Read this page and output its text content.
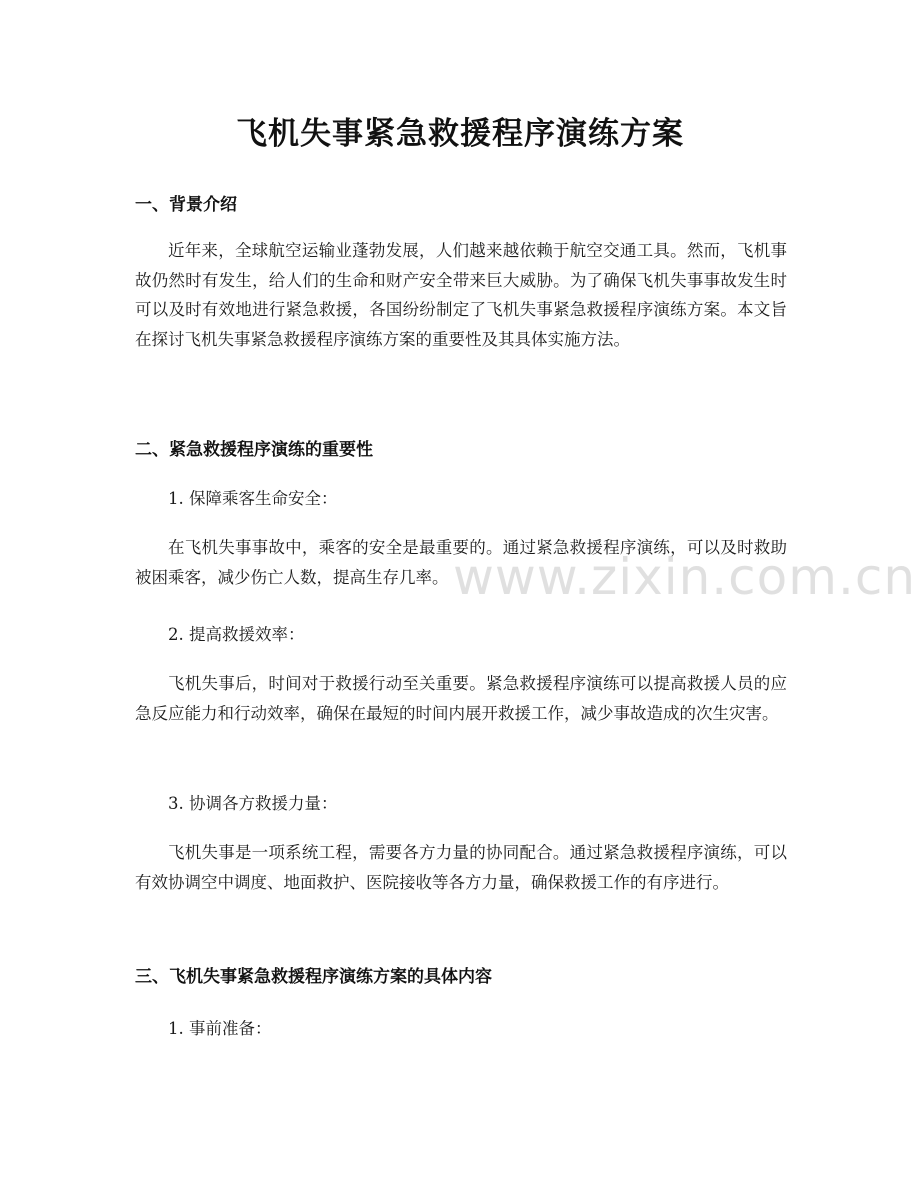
飞机失事紧急救援程序演练方案
一、背景介绍

近年来，全球航空运输业蓬勃发展，人们越来越依赖于航空交通工具。然而，飞机事故仍然时有发生，给人们的生命和财产安全带来巨大威胁。为了确保飞机失事事故发生时可以及时有效地进行紧急救援，各国纷纷制定了飞机失事紧急救援程序演练方案。本文旨在探讨飞机失事紧急救援程序演练方案的重要性及其具体实施方法。

二、紧急救援程序演练的重要性

1. 保障乘客生命安全：

在飞机失事事故中，乘客的安全是最重要的。通过紧急救援程序演练，可以及时救助被困乘客，减少伤亡人数，提高生存几率。

2. 提高救援效率：

飞机失事后，时间对于救援行动至关重要。紧急救援程序演练可以提高救援人员的应急反应能力和行动效率，确保在最短的时间内展开救援工作，减少事故造成的次生灾害。

3. 协调各方救援力量：

飞机失事是一项系统工程，需要各方力量的协同配合。通过紧急救援程序演练，可以有效协调空中调度、地面救护、医院接收等各方力量，确保救援工作的有序进行。

三、飞机失事紧急救援程序演练方案的具体内容

1. 事前准备：

www.zixin.com.cn
